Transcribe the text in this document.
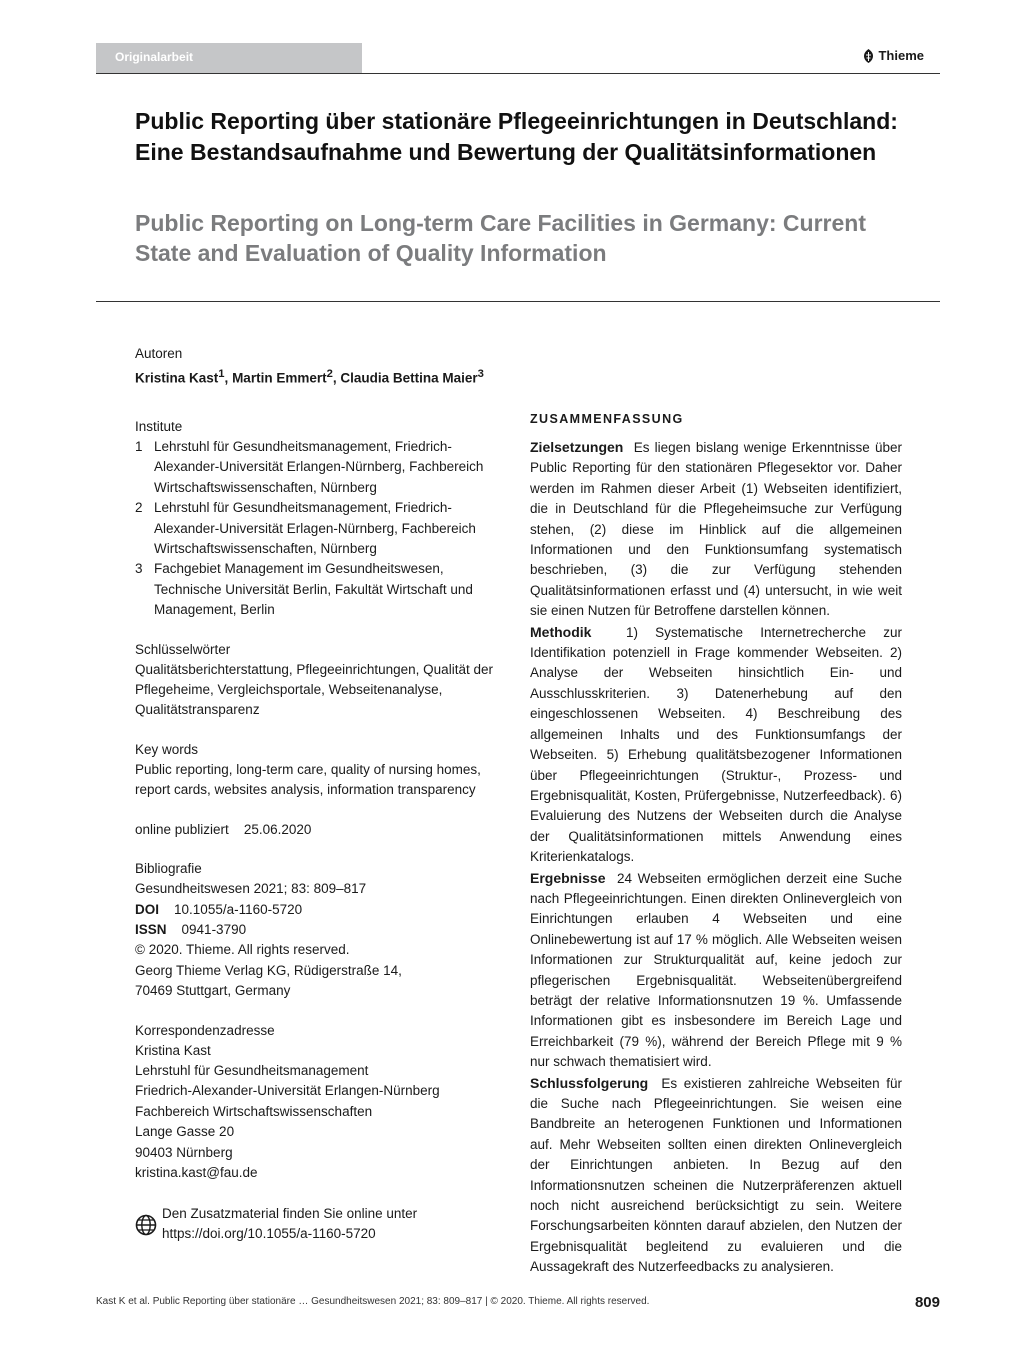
Originalarbeit	Thieme
Public Reporting über stationäre Pflegeeinrichtungen in Deutschland: Eine Bestandsaufnahme und Bewertung der Qualitätsinformationen
Public Reporting on Long-term Care Facilities in Germany: Current State and Evaluation of Quality Information
Autoren
Kristina Kast$^1$, Martin Emmert$^2$, Claudia Bettina Maier$^3$
Institute
1 Lehrstuhl für Gesundheitsmanagement, Friedrich-Alexander-Universität Erlangen-Nürnberg, Fachbereich Wirtschaftswissenschaften, Nürnberg
2 Lehrstuhl für Gesundheitsmanagement, Friedrich-Alexander-Universität Erlagen-Nürnberg, Fachbereich Wirtschaftswissenschaften, Nürnberg
3 Fachgebiet Management im Gesundheitswesen, Technische Universität Berlin, Fakultät Wirtschaft und Management, Berlin
Schlüsselwörter
Qualitätsberichterstattung, Pflegeeinrichtungen, Qualität der Pflegeheime, Vergleichsportale, Webseitenanalyse, Qualitätstransparenz
Key words
Public reporting, long-term care, quality of nursing homes, report cards, websites analysis, information transparency
online publiziert 25.06.2020
Bibliografie
Gesundheitswesen 2021; 83: 809–817
DOI 10.1055/a-1160-5720
ISSN 0941-3790
© 2020. Thieme. All rights reserved.
Georg Thieme Verlag KG, Rüdigerstraße 14,
70469 Stuttgart, Germany
Korrespondenzadresse
Kristina Kast
Lehrstuhl für Gesundheitsmanagement
Friedrich-Alexander-Universität Erlangen-Nürnberg
Fachbereich Wirtschaftswissenschaften
Lange Gasse 20
90403 Nürnberg
kristina.kast@fau.de
Den Zusatzmaterial finden Sie online unter
https://doi.org/10.1055/a-1160-5720
ZUSAMMENFASSUNG

Zielsetzungen Es liegen bislang wenige Erkenntnisse über Public Reporting für den stationären Pflegesektor vor. Daher werden im Rahmen dieser Arbeit (1) Webseiten identifiziert, die in Deutschland für die Pflegeheimsuche zur Verfügung stehen, (2) diese im Hinblick auf die allgemeinen Informationen und den Funktionsumfang systematisch beschrieben, (3) die zur Verfügung stehenden Qualitätsinformationen erfasst und (4) untersucht, in wie weit sie einen Nutzen für Betroffene darstellen können.

Methodik	1) Systematische Internetrecherche zur Identifikation potenziell in Frage kommender Webseiten. 2) Analyse der Webseiten hinsichtlich Ein- und Ausschlusskriterien. 3) Datenerhebung auf den eingeschlossenen Webseiten. 4) Beschreibung des allgemeinen Inhalts und des Funktionsumfangs der Webseiten. 5) Erhebung qualitätsbezogener Informationen über Pflegeeinrichtungen (Struktur-, Prozess- und Ergebnisqualität, Kosten, Prüfergebnisse, Nutzerfeedback). 6) Evaluierung des Nutzens der Webseiten durch die Analyse der Qualitätsinformationen mittels Anwendung eines Kriterienkatalogs.

Ergebnisse 24 Webseiten ermöglichen derzeit eine Suche nach Pflegeeinrichtungen. Einen direkten Onlinevergleich von Einrichtungen erlauben 4 Webseiten und eine Onlinebewertung ist auf 17 % möglich. Alle Webseiten weisen Informationen zur Strukturqualität auf, keine jedoch zur pflegerischen Ergebnisqualität. Webseitenübergreifend beträgt der relative Informationsnutzen 19 %. Umfassende Informationen gibt es insbesondere im Bereich Lage und Erreichbarkeit (79 %), während der Bereich Pflege mit 9 % nur schwach thematisiert wird.

Schlussfolgerung Es existieren zahlreiche Webseiten für die Suche nach Pflegeeinrichtungen. Sie weisen eine Bandbreite an heterogenen Funktionen und Informationen auf. Mehr Webseiten sollten einen direkten Onlinevergleich der Einrichtungen anbieten. In Bezug auf den Informationsnutzen scheinen die Nutzerpräferenzen aktuell noch nicht ausreichend berücksichtigt zu sein. Weitere Forschungsarbeiten könnten darauf abzielen, den Nutzen der Ergebnisqualität begleitend zu evaluieren und die Aussagekraft des Nutzerfeedbacks zu analysieren.

Kast K et al. Public Reporting über stationäre … Gesundheitswesen 2021; 83: 809–817 | © 2020. Thieme. All rights reserved.	809
